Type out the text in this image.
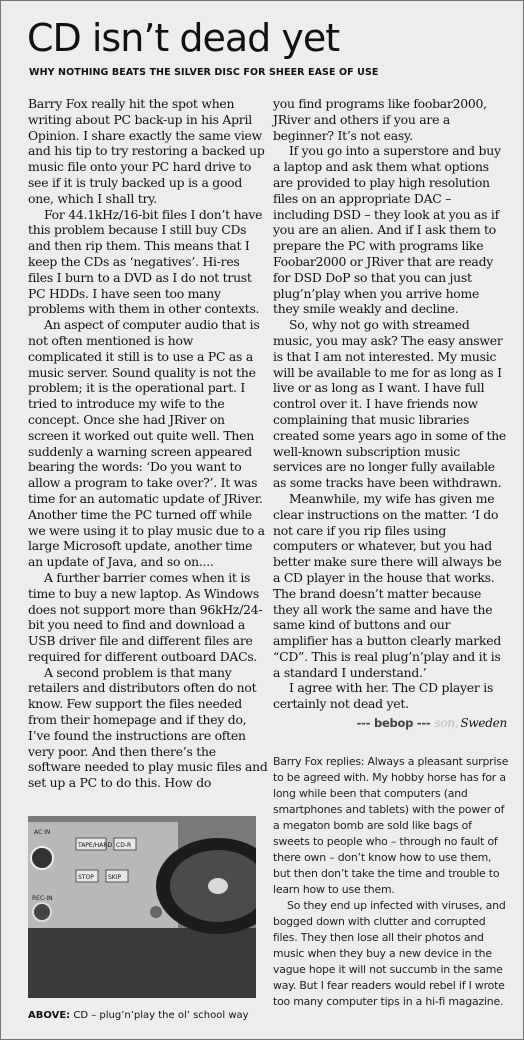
CD isn’t dead yet
WHY NOTHING BEATS THE SILVER DISC FOR SHEER EASE OF USE

Barry Fox really hit the spot when writing about PC back-up in his April Opinion. I share exactly the same view and his tip to try restoring a backed up music file onto your PC hard drive to see if it is truly backed up is a good one, which I shall try.

For 44.1kHz/16-bit files I don’t have this problem because I still buy CDs and then rip them. This means that I keep the CDs as ‘negatives’. Hi-res files I burn to a DVD as I do not trust PC HDDs. I have seen too many problems with them in other contexts.

An aspect of computer audio that is not often mentioned is how complicated it still is to use a PC as a music server. Sound quality is not the problem; it is the operational part. I tried to introduce my wife to the concept. Once she had JRiver on screen it worked out quite well. Then suddenly a warning screen appeared bearing the words: ‘Do you want to allow a program to take over?’. It was time for an automatic update of JRiver. Another time the PC turned off while we were using it to play music due to a large Microsoft update, another time an update of Java, and so on....

A further barrier comes when it is time to buy a new laptop. As Windows does not support more than 96kHz/24-bit you need to find and download a USB driver file and different files are required for different outboard DACs.

A second problem is that many retailers and distributors often do not know. Few support the files needed from their homepage and if they do, I’ve found the instructions are often very poor. And then there’s the software needed to play music files and set up a PC to do this. How do

you find programs like foobar2000, JRiver and others if you are a beginner? It’s not easy.

If you go into a superstore and buy a laptop and ask them what options are provided to play high resolution files on an appropriate DAC – including DSD – they look at you as if you are an alien. And if I ask them to prepare the PC with programs like Foobar2000 or JRiver that are ready for DSD DoP so that you can just plug’n’play when you arrive home they smile weakly and decline.

So, why not go with streamed music, you may ask? The easy answer is that I am not interested. My music will be available to me for as long as I live or as long as I want. I have full control over it. I have friends now complaining that music libraries created some years ago in some of the well-known subscription music services are no longer fully available as some tracks have been withdrawn.

Meanwhile, my wife has given me clear instructions on the matter. ‘I do not care if you rip files using computers or whatever, but you had better make sure there will always be a CD player in the house that works. The brand doesn’t matter because they all work the same and have the same kind of buttons and our amplifier has a button clearly marked “CD”. This is real plug’n’play and it is a standard I understand.’

I agree with her. The CD player is certainly not dead yet.

--- bebop --- son, Sweden

Barry Fox replies: Always a pleasant surprise to be agreed with. My hobby horse has for a long while been that computers (and smartphones and tablets) with the power of a megaton bomb are sold like bags of sweets to people who – through no fault of there own – don’t know how to use them, but then don’t take the time and trouble to learn how to use them.

So they end up infected with viruses, and bogged down with clutter and corrupted files. They then lose all their photos and music when they buy a new device in the vague hope it will not succumb in the same way. But I fear readers would rebel if I wrote too many computer tips in a hi-fi magazine.

AC IN
REC-IN
TAPE/HARD CD-R
STOP SKIP
ABOVE: CD – plug’n’play the ol’ school way
